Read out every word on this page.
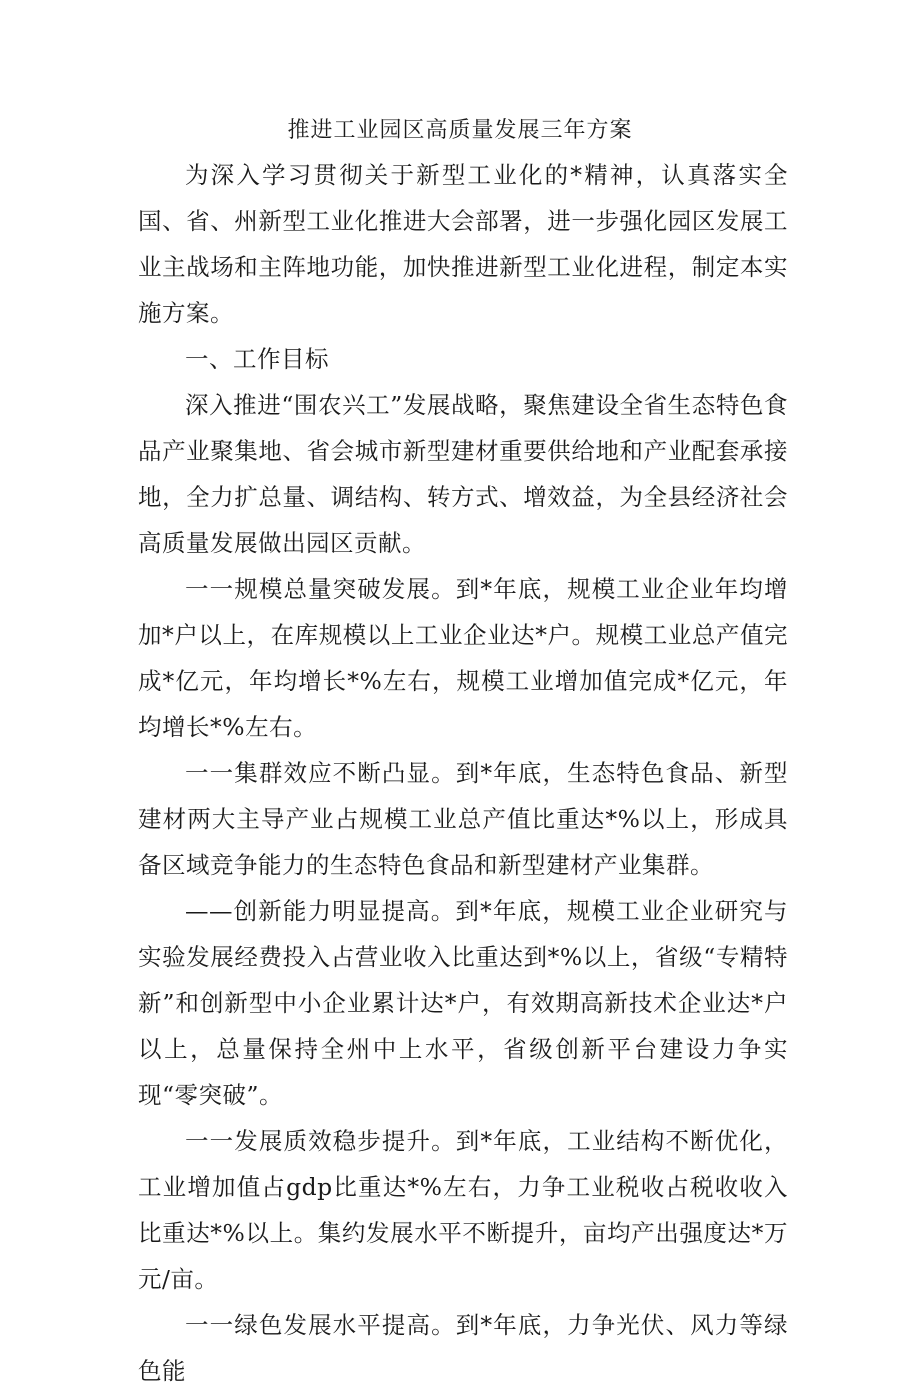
推进工业园区高质量发展三年方案

为深入学习贯彻关于新型工业化的*精神，认真落实全国、省、州新型工业化推进大会部署，进一步强化园区发展工业主战场和主阵地功能，加快推进新型工业化进程，制定本实施方案。

一、工作目标

深入推进“围农兴工”发展战略，聚焦建设全省生态特色食品产业聚集地、省会城市新型建材重要供给地和产业配套承接地，全力扩总量、调结构、转方式、增效益，为全县经济社会高质量发展做出园区贡献。

一一规模总量突破发展。到*年底，规模工业企业年均增加*户以上，在库规模以上工业企业达*户。规模工业总产值完成*亿元，年均增长*%左右，规模工业增加值完成*亿元，年均增长*%左右。

一一集群效应不断凸显。到*年底，生态特色食品、新型建材两大主导产业占规模工业总产值比重达*%以上，形成具备区域竞争能力的生态特色食品和新型建材产业集群。

——创新能力明显提高。到*年底，规模工业企业研究与实验发展经费投入占营业收入比重达到*%以上，省级“专精特新”和创新型中小企业累计达*户，有效期高新技术企业达*户以上，总量保持全州中上水平，省级创新平台建设力争实现“零突破”。

一一发展质效稳步提升。到*年底，工业结构不断优化，工业增加值占gdp比重达*%左右，力争工业税收占税收收入比重达*%以上。集约发展水平不断提升，亩均产出强度达*万元/亩。

一一绿色发展水平提高。到*年底，力争光伏、风力等绿色能
